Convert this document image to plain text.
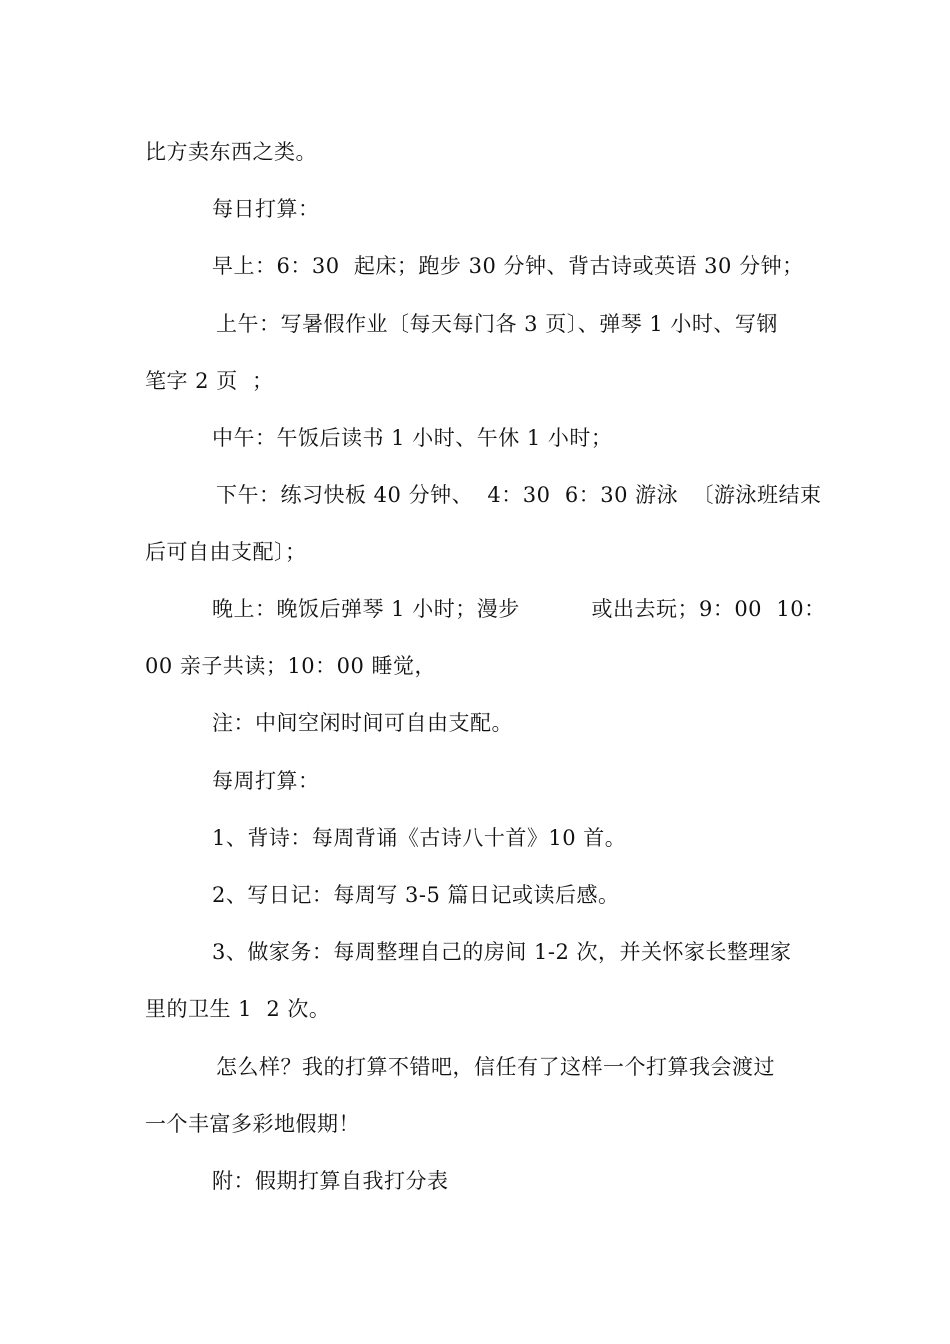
比方卖东西之类。
每日打算：
早上：6：30  起床；跑步 30 分钟、背古诗或英语 30 分钟；
上午：写暑假作业〔每天每门各 3 页〕、弹琴 1 小时、写钢
笔字 2 页  ；
中午：午饭后读书 1 小时、午休 1 小时；
下午：练习快板 40 分钟、  4：30  6：30 游泳  〔游泳班结束
后可自由支配〕；
晚上：晚饭后弹琴 1 小时；漫步          或出去玩；9：00  10：
00 亲子共读；10：00 睡觉，
注：中间空闲时间可自由支配。
每周打算：
1、背诗：每周背诵《古诗八十首》10 首。
2、写日记：每周写 3-5 篇日记或读后感。
3、做家务：每周整理自己的房间 1-2 次，并关怀家长整理家
里的卫生 1  2 次。
怎么样？我的打算不错吧，信任有了这样一个打算我会渡过
一个丰富多彩地假期！
附：假期打算自我打分表
